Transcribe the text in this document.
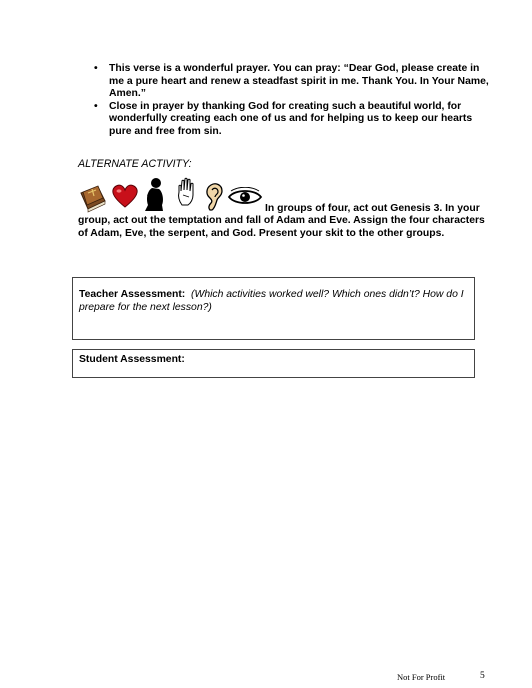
• This verse is a wonderful prayer. You can pray: “Dear God, please create in me a pure heart and renew a steadfast spirit in me. Thank You. In Your Name, Amen.”
• Close in prayer by thanking God for creating such a beautiful world, for wonderfully creating each one of us and for helping us to keep our hearts pure and free from sin.
ALTERNATE ACTIVITY:
In groups of four, act out Genesis 3. In your group, act out the temptation and fall of Adam and Eve. Assign the four characters of Adam, Eve, the serpent, and God. Present your skit to the other groups.
Teacher Assessment: (Which activities worked well? Which ones didn’t? How do I prepare for the next lesson?)
Student Assessment:
Not For Profit	5
